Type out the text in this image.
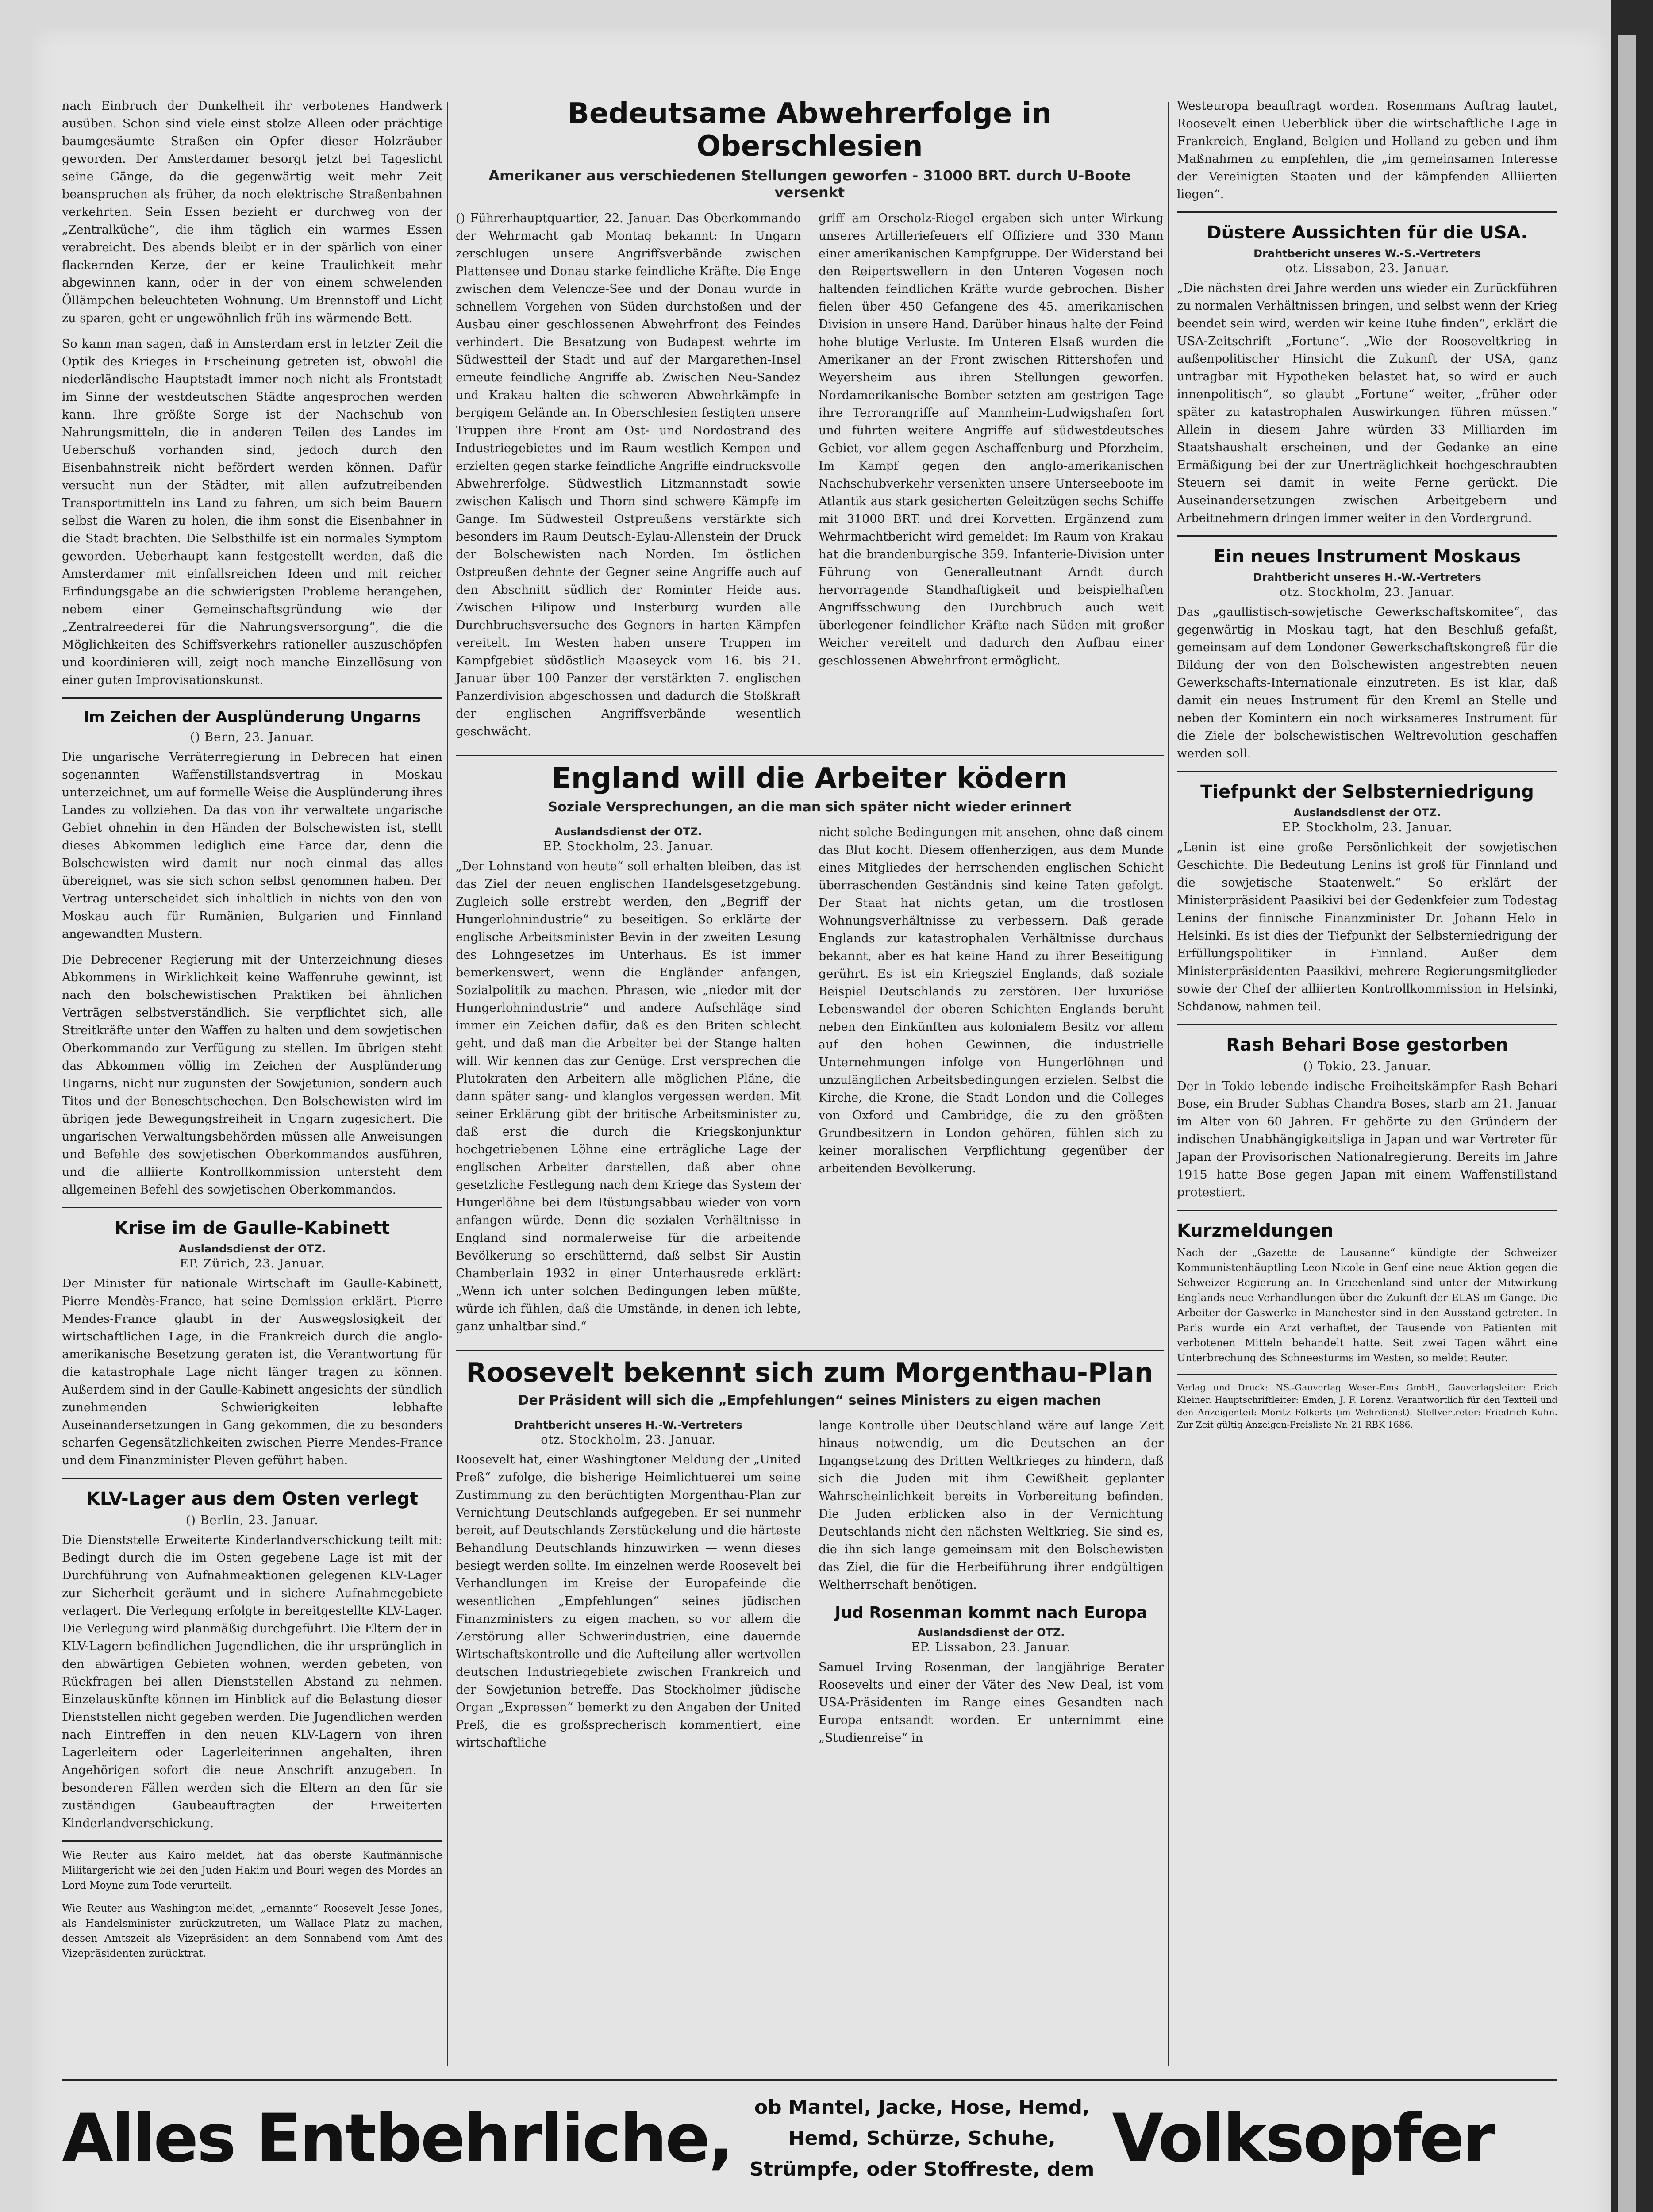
nach Einbruch der Dunkelheit ihr verbotenes Handwerk ausüben. Schon sind viele einst stolze Alleen oder prächtige baumgesäumte Straßen ein Opfer dieser Holzräuber geworden. Der Amsterdamer besorgt jetzt bei Tageslicht seine Gänge, da die gegenwärtig weit mehr Zeit beanspruchen als früher, da noch elektrische Straßenbahnen verkehrten. Sein Essen bezieht er durchweg von der „Zentralküche“, die ihm täglich ein warmes Essen verabreicht. Des abends bleibt er in der spärlich von einer flackernden Kerze, der er keine Traulichkeit mehr abgewinnen kann, oder in der von einem schwelenden Öllämpchen beleuchteten Wohnung. Um Brennstoff und Licht zu sparen, geht er ungewöhnlich früh ins wärmende Bett.

So kann man sagen, daß in Amsterdam erst in letzter Zeit die Optik des Krieges in Erscheinung getreten ist, obwohl die niederländische Hauptstadt immer noch nicht als Frontstadt im Sinne der westdeutschen Städte angesprochen werden kann. Ihre größte Sorge ist der Nachschub von Nahrungsmitteln, die in anderen Teilen des Landes im Ueberschuß vorhanden sind, jedoch durch den Eisenbahnstreik nicht befördert werden können. Dafür versucht nun der Städter, mit allen aufzutreibenden Transportmitteln ins Land zu fahren, um sich beim Bauern selbst die Waren zu holen, die ihm sonst die Eisenbahner in die Stadt brachten. Die Selbsthilfe ist ein normales Symptom geworden. Ueberhaupt kann festgestellt werden, daß die Amsterdamer mit einfallsreichen Ideen und mit reicher Erfindungsgabe an die schwierigsten Probleme herangehen, nebem einer Gemeinschaftsgründung wie der „Zentralreederei für die Nahrungsversorgung“, die die Möglichkeiten des Schiffsverkehrs rationeller auszuschöpfen und koordinieren will, zeigt noch manche Einzellösung von einer guten Improvisationskunst.

Im Zeichen der Ausplünderung Ungarns
() Bern, 23. Januar.

Die ungarische Verräterregierung in Debrecen hat einen sogenannten Waffenstillstandsvertrag in Moskau unterzeichnet, um auf formelle Weise die Ausplünderung ihres Landes zu vollziehen. Da das von ihr verwaltete ungarische Gebiet ohnehin in den Händen der Bolschewisten ist, stellt dieses Abkommen lediglich eine Farce dar, denn die Bolschewisten wird damit nur noch einmal das alles übereignet, was sie sich schon selbst genommen haben. Der Vertrag unterscheidet sich inhaltlich in nichts von den von Moskau auch für Rumänien, Bulgarien und Finnland angewandten Mustern.

Die Debrecener Regierung mit der Unterzeichnung dieses Abkommens in Wirklichkeit keine Waffenruhe gewinnt, ist nach den bolschewistischen Praktiken bei ähnlichen Verträgen selbstverständlich. Sie verpflichtet sich, alle Streitkräfte unter den Waffen zu halten und dem sowjetischen Oberkommando zur Verfügung zu stellen. Im übrigen steht das Abkommen völlig im Zeichen der Ausplünderung Ungarns, nicht nur zugunsten der Sowjetunion, sondern auch Titos und der Beneschtschechen. Den Bolschewisten wird im übrigen jede Bewegungsfreiheit in Ungarn zugesichert. Die ungarischen Verwaltungsbehörden müssen alle Anweisungen und Befehle des sowjetischen Oberkommandos ausführen, und die alliierte Kontrollkommission untersteht dem allgemeinen Befehl des sowjetischen Oberkommandos.

Krise im de Gaulle-Kabinett
Auslandsdienst der OTZ.
EP. Zürich, 23. Januar.

Der Minister für nationale Wirtschaft im Gaulle-Kabinett, Pierre Mendès-France, hat seine Demission erklärt. Pierre Mendes-France glaubt in der Auswegslosigkeit der wirtschaftlichen Lage, in die Frankreich durch die anglo-amerikanische Besetzung geraten ist, die Verantwortung für die katastrophale Lage nicht länger tragen zu können. Außerdem sind in der Gaulle-Kabinett angesichts der sündlich zunehmenden Schwierigkeiten lebhafte Auseinandersetzungen in Gang gekommen, die zu besonders scharfen Gegensätzlichkeiten zwischen Pierre Mendes-France und dem Finanzminister Pleven geführt haben.

KLV-Lager aus dem Osten verlegt
() Berlin, 23. Januar.

Die Dienststelle Erweiterte Kinderlandverschickung teilt mit: Bedingt durch die im Osten gegebene Lage ist mit der Durchführung von Aufnahmeaktionen gelegenen KLV-Lager zur Sicherheit geräumt und in sichere Aufnahmegebiete verlagert. Die Verlegung erfolgte in bereitgestellte KLV-Lager. Die Verlegung wird planmäßig durchgeführt. Die Eltern der in KLV-Lagern befindlichen Jugendlichen, die ihr ursprünglich in den abwärtigen Gebieten wohnen, werden gebeten, von Rückfragen bei allen Dienststellen Abstand zu nehmen. Einzelauskünfte können im Hinblick auf die Belastung dieser Dienststellen nicht gegeben werden. Die Jugendlichen werden nach Eintreffen in den neuen KLV-Lagern von ihren Lagerleitern oder Lagerleiterinnen angehalten, ihren Angehörigen sofort die neue Anschrift anzugeben. In besonderen Fällen werden sich die Eltern an den für sie zuständigen Gaubeauftragten der Erweiterten Kinderlandverschickung.

Wie Reuter aus Kairo meldet, hat das oberste Kaufmännische Militärgericht wie bei den Juden Hakim und Bouri wegen des Mordes an Lord Moyne zum Tode verurteilt.

Wie Reuter aus Washington meldet, „ernannte“ Roosevelt Jesse Jones, als Handelsminister zurückzutreten, um Wallace Platz zu machen, dessen Amtszeit als Vizepräsident an dem Sonnabend vom Amt des Vizepräsidenten zurücktrat.

Bedeutsame Abwehrerfolge in Oberschlesien
Amerikaner aus verschiedenen Stellungen geworfen - 31000 BRT. durch U-Boote versenkt

() Führerhauptquartier, 22. Januar. Das Oberkommando der Wehrmacht gab Montag bekannt: In Ungarn zerschlugen unsere Angriffsverbände zwischen Plattensee und Donau starke feindliche Kräfte. Die Enge zwischen dem Velencze-See und der Donau wurde in schnellem Vorgehen von Süden durchstoßen und der Ausbau einer geschlossenen Abwehrfront des Feindes verhindert. Die Besatzung von Budapest wehrte im Südwestteil der Stadt und auf der Margarethen-Insel erneute feindliche Angriffe ab. Zwischen Neu-Sandez und Krakau halten die schweren Abwehrkämpfe in bergigem Gelände an. In Oberschlesien festigten unsere Truppen ihre Front am Ost- und Nordostrand des Industriegebietes und im Raum westlich Kempen und erzielten gegen starke feindliche Angriffe eindrucksvolle Abwehrerfolge. Südwestlich Litzmannstadt sowie zwischen Kalisch und Thorn sind schwere Kämpfe im Gange. Im Südwesteil Ostpreußens verstärkte sich besonders im Raum Deutsch-Eylau-Allenstein der Druck der Bolschewisten nach Norden. Im östlichen Ostpreußen dehnte der Gegner seine Angriffe auch auf den Abschnitt südlich der Rominter Heide aus. Zwischen Filipow und Insterburg wurden alle Durchbruchsversuche des Gegners in harten Kämpfen vereitelt. Im Westen haben unsere Truppen im Kampfgebiet südöstlich Maaseyck vom 16. bis 21. Januar über 100 Panzer der verstärkten 7. englischen Panzerdivision abgeschossen und dadurch die Stoßkraft der englischen Angriffsverbände wesentlich geschwächt.

griff am Orscholz-Riegel ergaben sich unter Wirkung unseres Artilleriefeuers elf Offiziere und 330 Mann einer amerikanischen Kampfgruppe. Der Widerstand bei den Reipertswellern in den Unteren Vogesen noch haltenden feindlichen Kräfte wurde gebrochen. Bisher fielen über 450 Gefangene des 45. amerikanischen Division in unsere Hand. Darüber hinaus halte der Feind hohe blutige Verluste. Im Unteren Elsaß wurden die Amerikaner an der Front zwischen Rittershofen und Weyersheim aus ihren Stellungen geworfen. Nordamerikanische Bomber setzten am gestrigen Tage ihre Terrorangriffe auf Mannheim-Ludwigshafen fort und führten weitere Angriffe auf südwestdeutsches Gebiet, vor allem gegen Aschaffenburg und Pforzheim. Im Kampf gegen den anglo-amerikanischen Nachschubverkehr versenkten unsere Unterseeboote im Atlantik aus stark gesicherten Geleitzügen sechs Schiffe mit 31000 BRT. und drei Korvetten. Ergänzend zum Wehrmachtbericht wird gemeldet: Im Raum von Krakau hat die brandenburgische 359. Infanterie-Division unter Führung von Generalleutnant Arndt durch hervorragende Standhaftigkeit und beispielhaften Angriffsschwung den Durchbruch auch weit überlegener feindlicher Kräfte nach Süden mit großer Weicher vereitelt und dadurch den Aufbau einer geschlossenen Abwehrfront ermöglicht.

England will die Arbeiter ködern
Soziale Versprechungen, an die man sich später nicht wieder erinnert
Auslandsdienst der OTZ.
EP. Stockholm, 23. Januar.

„Der Lohnstand von heute“ soll erhalten bleiben, das ist das Ziel der neuen englischen Handelsgesetzgebung. Zugleich solle erstrebt werden, den „Begriff der Hungerlohnindustrie“ zu beseitigen. So erklärte der englische Arbeitsminister Bevin in der zweiten Lesung des Lohngesetzes im Unterhaus. Es ist immer bemerkenswert, wenn die Engländer anfangen, Sozialpolitik zu machen. Phrasen, wie „nieder mit der Hungerlohnindustrie“ und andere Aufschläge sind immer ein Zeichen dafür, daß es den Briten schlecht geht, und daß man die Arbeiter bei der Stange halten will. Wir kennen das zur Genüge. Erst versprechen die Plutokraten den Arbeitern alle möglichen Pläne, die dann später sang- und klanglos vergessen werden. Mit seiner Erklärung gibt der britische Arbeitsminister zu, daß erst die durch die Kriegskonjunktur hochgetriebenen Löhne eine erträgliche Lage der englischen Arbeiter darstellen, daß aber ohne gesetzliche Festlegung nach dem Kriege das System der Hungerlöhne bei dem Rüstungsabbau wieder von vorn anfangen würde. Denn die sozialen Verhältnisse in England sind normalerweise für die arbeitende Bevölkerung so erschütternd, daß selbst Sir Austin Chamberlain 1932 in einer Unterhausrede erklärt: „Wenn ich unter solchen Bedingungen leben müßte, würde ich fühlen, daß die Umstände, in denen ich lebte, ganz unhaltbar sind.“

nicht solche Bedingungen mit ansehen, ohne daß einem das Blut kocht. Diesem offenherzigen, aus dem Munde eines Mitgliedes der herrschenden englischen Schicht überraschenden Geständnis sind keine Taten gefolgt. Der Staat hat nichts getan, um die trostlosen Wohnungsverhältnisse zu verbessern. Daß gerade Englands zur katastrophalen Verhältnisse durchaus bekannt, aber es hat keine Hand zu ihrer Beseitigung gerührt. Es ist ein Kriegsziel Englands, daß soziale Beispiel Deutschlands zu zerstören. Der luxuriöse Lebenswandel der oberen Schichten Englands beruht neben den Einkünften aus kolonialem Besitz vor allem auf den hohen Gewinnen, die industrielle Unternehmungen infolge von Hungerlöhnen und unzulänglichen Arbeitsbedingungen erzielen. Selbst die Kirche, die Krone, die Stadt London und die Colleges von Oxford und Cambridge, die zu den größten Grundbesitzern in London gehören, fühlen sich zu keiner moralischen Verpflichtung gegenüber der arbeitenden Bevölkerung.

Roosevelt bekennt sich zum Morgenthau-Plan
Der Präsident will sich die „Empfehlungen“ seines Ministers zu eigen machen
Drahtbericht unseres H.-W.-Vertreters
otz. Stockholm, 23. Januar.

Roosevelt hat, einer Washingtoner Meldung der „United Preß“ zufolge, die bisherige Heimlichtuerei um seine Zustimmung zu den berüchtigten Morgenthau-Plan zur Vernichtung Deutschlands aufgegeben. Er sei nunmehr bereit, auf Deutschlands Zerstückelung und die härteste Behandlung Deutschlands hinzuwirken — wenn dieses besiegt werden sollte. Im einzelnen werde Roosevelt bei Verhandlungen im Kreise der Europafeinde die wesentlichen „Empfehlungen“ seines jüdischen Finanzministers zu eigen machen, so vor allem die Zerstörung aller Schwerindustrien, eine dauernde Wirtschaftskontrolle und die Aufteilung aller wertvollen deutschen Industriegebiete zwischen Frankreich und der Sowjetunion betreffe. Das Stockholmer jüdische Organ „Expressen“ bemerkt zu den Angaben der United Preß, die es großsprecherisch kommentiert, eine wirtschaftliche

lange Kontrolle über Deutschland wäre auf lange Zeit hinaus notwendig, um die Deutschen an der Ingangsetzung des Dritten Weltkrieges zu hindern, daß sich die Juden mit ihm Gewißheit geplanter Wahrscheinlichkeit bereits in Vorbereitung befinden. Die Juden erblicken also in der Vernichtung Deutschlands nicht den nächsten Weltkrieg. Sie sind es, die ihn sich lange gemeinsam mit den Bolschewisten das Ziel, die für die Herbeiführung ihrer endgültigen Weltherrschaft benötigen.

Jud Rosenman kommt nach Europa
Auslandsdienst der OTZ.
EP. Lissabon, 23. Januar.

Samuel Irving Rosenman, der langjährige Berater Roosevelts und einer der Väter des New Deal, ist vom USA-Präsidenten im Range eines Gesandten nach Europa entsandt worden. Er unternimmt eine „Studienreise“ in

Westeuropa beauftragt worden. Rosenmans Auftrag lautet, Roosevelt einen Ueberblick über die wirtschaftliche Lage in Frankreich, England, Belgien und Holland zu geben und ihm Maßnahmen zu empfehlen, die „im gemeinsamen Interesse der Vereinigten Staaten und der kämpfenden Alliierten liegen“.

Düstere Aussichten für die USA.
Drahtbericht unseres W.-S.-Vertreters
otz. Lissabon, 23. Januar.

„Die nächsten drei Jahre werden uns wieder ein Zurückführen zu normalen Verhältnissen bringen, und selbst wenn der Krieg beendet sein wird, werden wir keine Ruhe finden“, erklärt die USA-Zeitschrift „Fortune“. „Wie der Rooseveltkrieg in außenpolitischer Hinsicht die Zukunft der USA, ganz untragbar mit Hypotheken belastet hat, so wird er auch innenpolitisch“, so glaubt „Fortune“ weiter, „früher oder später zu katastrophalen Auswirkungen führen müssen.“ Allein in diesem Jahre würden 33 Milliarden im Staatshaushalt erscheinen, und der Gedanke an eine Ermäßigung bei der zur Unerträglichkeit hochgeschraubten Steuern sei damit in weite Ferne gerückt. Die Auseinandersetzungen zwischen Arbeitgebern und Arbeitnehmern dringen immer weiter in den Vordergrund.

Ein neues Instrument Moskaus
Drahtbericht unseres H.-W.-Vertreters
otz. Stockholm, 23. Januar.

Das „gaullistisch-sowjetische Gewerkschaftskomitee“, das gegenwärtig in Moskau tagt, hat den Beschluß gefaßt, gemeinsam auf dem Londoner Gewerkschaftskongreß für die Bildung der von den Bolschewisten angestrebten neuen Gewerkschafts-Internationale einzutreten. Es ist klar, daß damit ein neues Instrument für den Kreml an Stelle und neben der Komintern ein noch wirksameres Instrument für die Ziele der bolschewistischen Weltrevolution geschaffen werden soll.

Tiefpunkt der Selbsterniedrigung
Auslandsdienst der OTZ.
EP. Stockholm, 23. Januar.

„Lenin ist eine große Persönlichkeit der sowjetischen Geschichte. Die Bedeutung Lenins ist groß für Finnland und die sowjetische Staatenwelt.“ So erklärt der Ministerpräsident Paasikivi bei der Gedenkfeier zum Todestag Lenins der finnische Finanzminister Dr. Johann Helo in Helsinki. Es ist dies der Tiefpunkt der Selbsterniedrigung der Erfüllungspolitiker in Finnland. Außer dem Ministerpräsidenten Paasikivi, mehrere Regierungsmitglieder sowie der Chef der alliierten Kontrollkommission in Helsinki, Schdanow, nahmen teil.

Rash Behari Bose gestorben
() Tokio, 23. Januar.

Der in Tokio lebende indische Freiheitskämpfer Rash Behari Bose, ein Bruder Subhas Chandra Boses, starb am 21. Januar im Alter von 60 Jahren. Er gehörte zu den Gründern der indischen Unabhängigkeitsliga in Japan und war Vertreter für Japan der Provisorischen Nationalregierung. Bereits im Jahre 1915 hatte Bose gegen Japan mit einem Waffenstillstand protestiert.

Kurzmeldungen

Nach der „Gazette de Lausanne“ kündigte der Schweizer Kommunistenhäuptling Leon Nicole in Genf eine neue Aktion gegen die Schweizer Regierung an. In Griechenland sind unter der Mitwirkung Englands neue Verhandlungen über die Zukunft der ELAS im Gange. Die Arbeiter der Gaswerke in Manchester sind in den Ausstand getreten. In Paris wurde ein Arzt verhaftet, der Tausende von Patienten mit verbotenen Mitteln behandelt hatte. Seit zwei Tagen währt eine Unterbrechung des Schneesturms im Westen, so meldet Reuter.

Verlag und Druck: NS.-Gauverlag Weser-Ems GmbH., Gauverlagsleiter: Erich Kleiner. Hauptschriftleiter: Emden, J. F. Lorenz. Verantwortlich für den Textteil und den Anzeigenteil: Moritz Folkerts (im Wehrdienst). Stellvertreter: Friedrich Kuhn. Zur Zeit gültig Anzeigen-Preisliste Nr. 21 RBK 1686.

Alles Entbehrliche, ob Mantel, Jacke, Hose, Hemd,
Hemd, Schürze, Schuhe,
Strümpfe, oder Stoffreste, dem Volksopfer
